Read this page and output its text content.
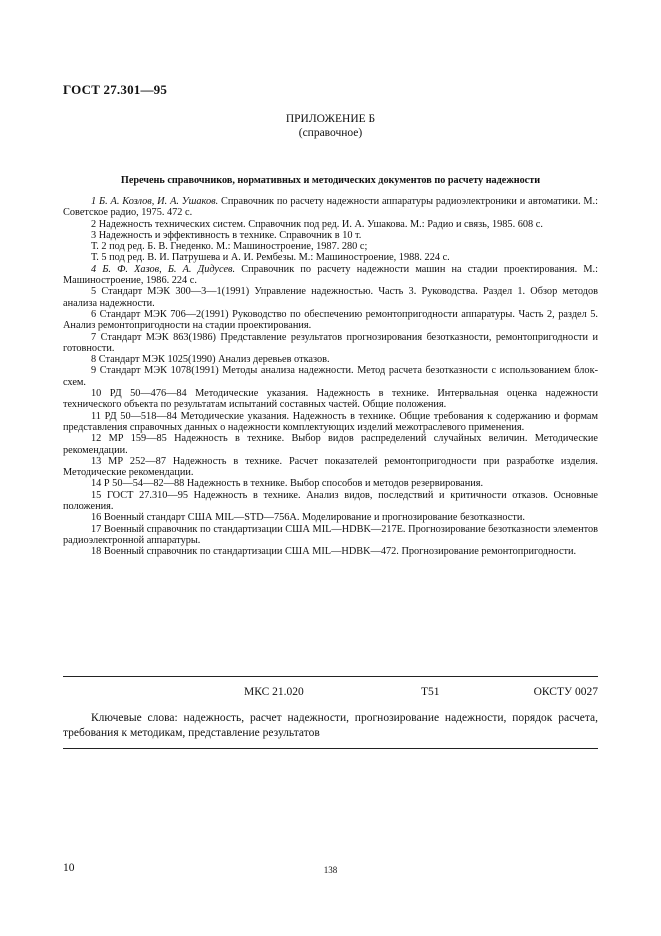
ГОСТ 27.301—95
ПРИЛОЖЕНИЕ Б
(справочное)
Перечень справочников, нормативных и методических документов по расчету надежности

1 Б. А. Козлов, И. А. Ушаков. Справочник по расчету надежности аппаратуры радиоэлектроники и автоматики. М.: Советское радио, 1975. 472 с.

2 Надежность технических систем. Справочник под ред. И. А. Ушакова. М.: Радио и связь, 1985. 608 с.

3 Надежность и эффективность в технике. Справочник в 10 т.

Т. 2 под ред. Б. В. Гнеденко. М.: Машиностроение, 1987. 280 с;

Т. 5 под ред. В. И. Патрушева и А. И. Рембезы. М.: Машиностроение, 1988. 224 с.

4 Б. Ф. Хазов, Б. А. Дидусев. Справочник по расчету надежности машин на стадии проектирования. М.: Машиностроение, 1986. 224 с.

5 Стандарт МЭК 300—3—1(1991) Управление надежностью. Часть 3. Руководства. Раздел 1. Обзор методов анализа надежности.

6 Стандарт МЭК 706—2(1991) Руководство по обеспечению ремонтопригодности аппаратуры. Часть 2, раздел 5. Анализ ремонтопригодности на стадии проектирования.

7 Стандарт МЭК 863(1986) Представление результатов прогнозирования безотказности, ремонтопригодности и готовности.

8 Стандарт МЭК 1025(1990) Анализ деревьев отказов.

9 Стандарт МЭК 1078(1991) Методы анализа надежности. Метод расчета безотказности с использованием блок-схем.

10 РД 50—476—84 Методические указания. Надежность в технике. Интервальная оценка надежности технического объекта по результатам испытаний составных частей. Общие положения.

11 РД 50—518—84 Методические указания. Надежность в технике. Общие требования к содержанию и формам представления справочных данных о надежности комплектующих изделий межотраслевого применения.

12 МР 159—85 Надежность в технике. Выбор видов распределений случайных величин. Методические рекомендации.

13 МР 252—87 Надежность в технике. Расчет показателей ремонтопригодности при разработке изделия. Методические рекомендации.

14 Р 50—54—82—88 Надежность в технике. Выбор способов и методов резервирования.

15 ГОСТ 27.310—95 Надежность в технике. Анализ видов, последствий и критичности отказов. Основные положения.

16 Военный стандарт США MIL—STD—756A. Моделирование и прогнозирование безотказности.

17 Военный справочник по стандартизации США MIL—HDBK—217E. Прогнозирование безотказности элементов радиоэлектронной аппаратуры.

18 Военный справочник по стандартизации США MIL—HDBK—472. Прогнозирование ремонтопригодности.

МКС 21.020	Т51	ОКСТУ 0027

Ключевые слова: надежность, расчет надежности, прогнозирование надежности, порядок расчета, требования к методикам, представление результатов

10	138
